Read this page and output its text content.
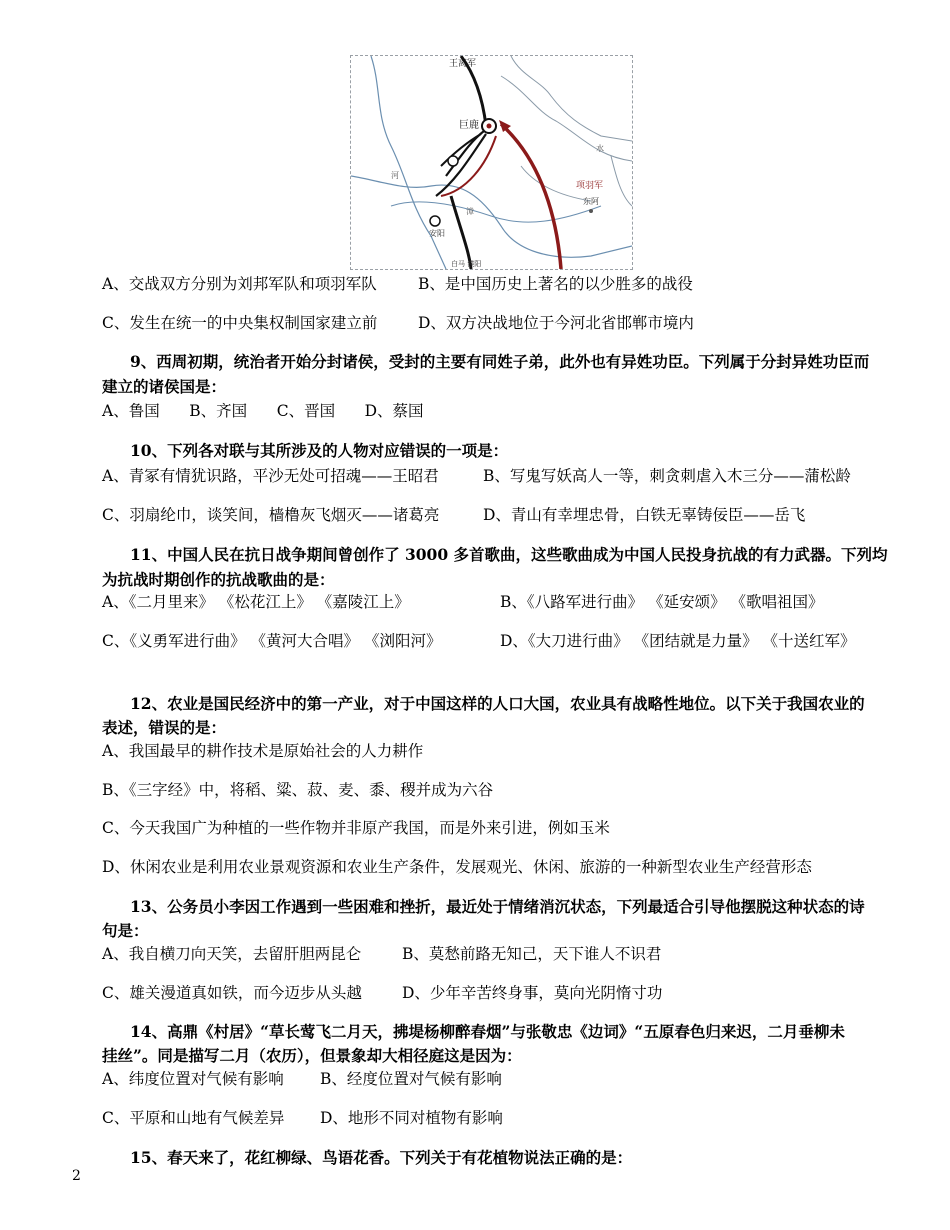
王离军
巨鹿
项羽军
东阿
安阳
漳
河
水
白马 濮阳
A、交战双方分别为刘邦军队和项羽军队	B、是中国历史上著名的以少胜多的战役
C、发生在统一的中央集权制国家建立前	D、双方决战地位于今河北省邯郸市境内
9、西周初期，统治者开始分封诸侯，受封的主要有同姓子弟，此外也有异姓功臣。下列属于分封异姓功臣而
建立的诸侯国是：
A、鲁国      B、齐国      C、晋国      D、蔡国
10、下列各对联与其所涉及的人物对应错误的一项是：
A、青冢有情犹识路，平沙无处可招魂——王昭君	B、写鬼写妖高人一等，刺贪刺虐入木三分——蒲松龄
C、羽扇纶巾，谈笑间，樯橹灰飞烟灭——诸葛亮	D、青山有幸埋忠骨，白铁无辜铸佞臣——岳飞
11、中国人民在抗日战争期间曾创作了 3000 多首歌曲，这些歌曲成为中国人民投身抗战的有力武器。下列均
为抗战时期创作的抗战歌曲的是：
A、《二月里来》 《松花江上》 《嘉陵江上》	B、《八路军进行曲》 《延安颂》 《歌唱祖国》
C、《义勇军进行曲》 《黄河大合唱》 《浏阳河》	D、《大刀进行曲》 《团结就是力量》 《十送红军》
12、农业是国民经济中的第一产业，对于中国这样的人口大国，农业具有战略性地位。以下关于我国农业的
表述，错误的是：
A、我国最早的耕作技术是原始社会的人力耕作
B、《三字经》中，将稻、粱、菽、麦、黍、稷并成为六谷
C、今天我国广为种植的一些作物并非原产我国，而是外来引进，例如玉米
D、休闲农业是利用农业景观资源和农业生产条件，发展观光、休闲、旅游的一种新型农业生产经营形态
13、公务员小李因工作遇到一些困难和挫折，最近处于情绪消沉状态，下列最适合引导他摆脱这种状态的诗
句是：
A、我自横刀向天笑，去留肝胆两昆仑	B、莫愁前路无知己，天下谁人不识君
C、雄关漫道真如铁，而今迈步从头越	D、少年辛苦终身事，莫向光阴惰寸功
14、高鼎《村居》“草长莺飞二月天，拂堤杨柳醉春烟”与张敬忠《边词》“五原春色归来迟，二月垂柳未
挂丝”。同是描写二月（农历），但景象却大相径庭这是因为：
A、纬度位置对气候有影响 B、经度位置对气候有影响
C、平原和山地有气候差异 D、地形不同对植物有影响
15、春天来了，花红柳绿、鸟语花香。下列关于有花植物说法正确的是：
2
